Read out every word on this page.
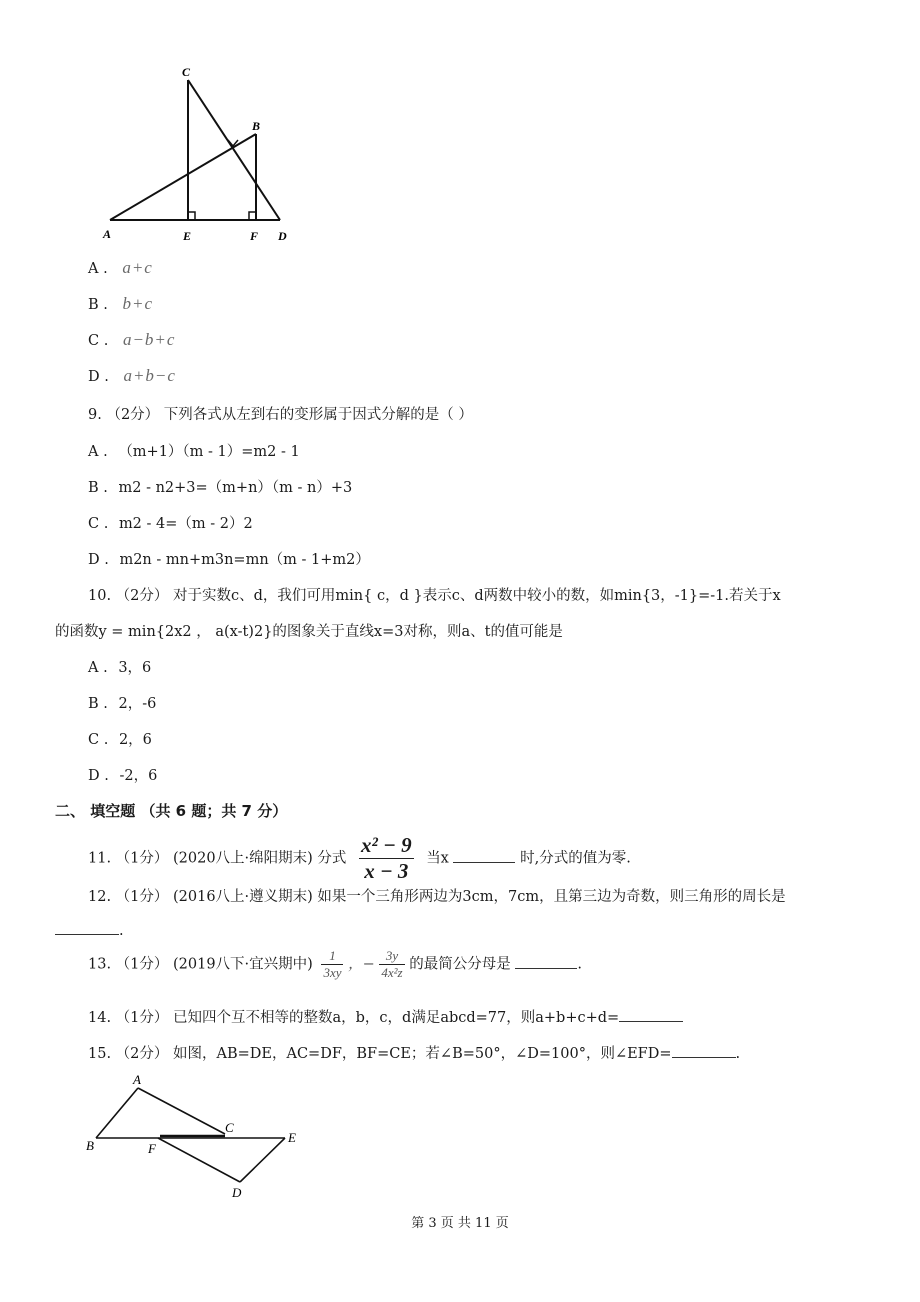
C
B
A	E	F D
A . a+c
B . b+c
C . a−b+c
D . a+b−c
9. （2分） 下列各式从左到右的变形属于因式分解的是（ ）
A . （m+1）（m - 1）=m2 - 1
B . m2 - n2+3=（m+n）（m - n）+3
C . m2 - 4=（m - 2）2
D . m2n - mn+m3n=mn（m - 1+m2）
10. （2分） 对于实数c、d，我们可用min{ c，d }表示c、d两数中较小的数，如min{3，-1}=-1.若关于x
的函数y = min{2x2 ， a(x-t)2}的图象关于直线x=3对称，则a、t的值可能是
A . 3，6
B . 2，-6
C . 2，6
D . -2，6
二、 填空题 （共 6 题；共 7 分）
11. （1分） (2020八上·绵阳期末) 分式 $\frac{\text{x² − 9}}{x - 3}$ 当x	时,分式的值为零.
12. （1分） (2016八上·遵义期末) 如果一个三角形两边为3cm，7cm，且第三边为奇数，则三角形的周长是
.
13. （1分） (2019八下·宜兴期中) $\frac{1}{3xy}$ ，− $\frac{3y}{\text{4x²z}}$ 的最简公分母是	.
14. （1分） 已知四个互不相等的整数a，b，c，d满足abcd=77，则a+b+c+d=
15. （2分） 如图，AB=DE，AC=DF，BF=CE；若∠B=50°，∠D=100°，则∠EFD=	.
A
B	F
C
E
D
第 3 页 共 11 页
